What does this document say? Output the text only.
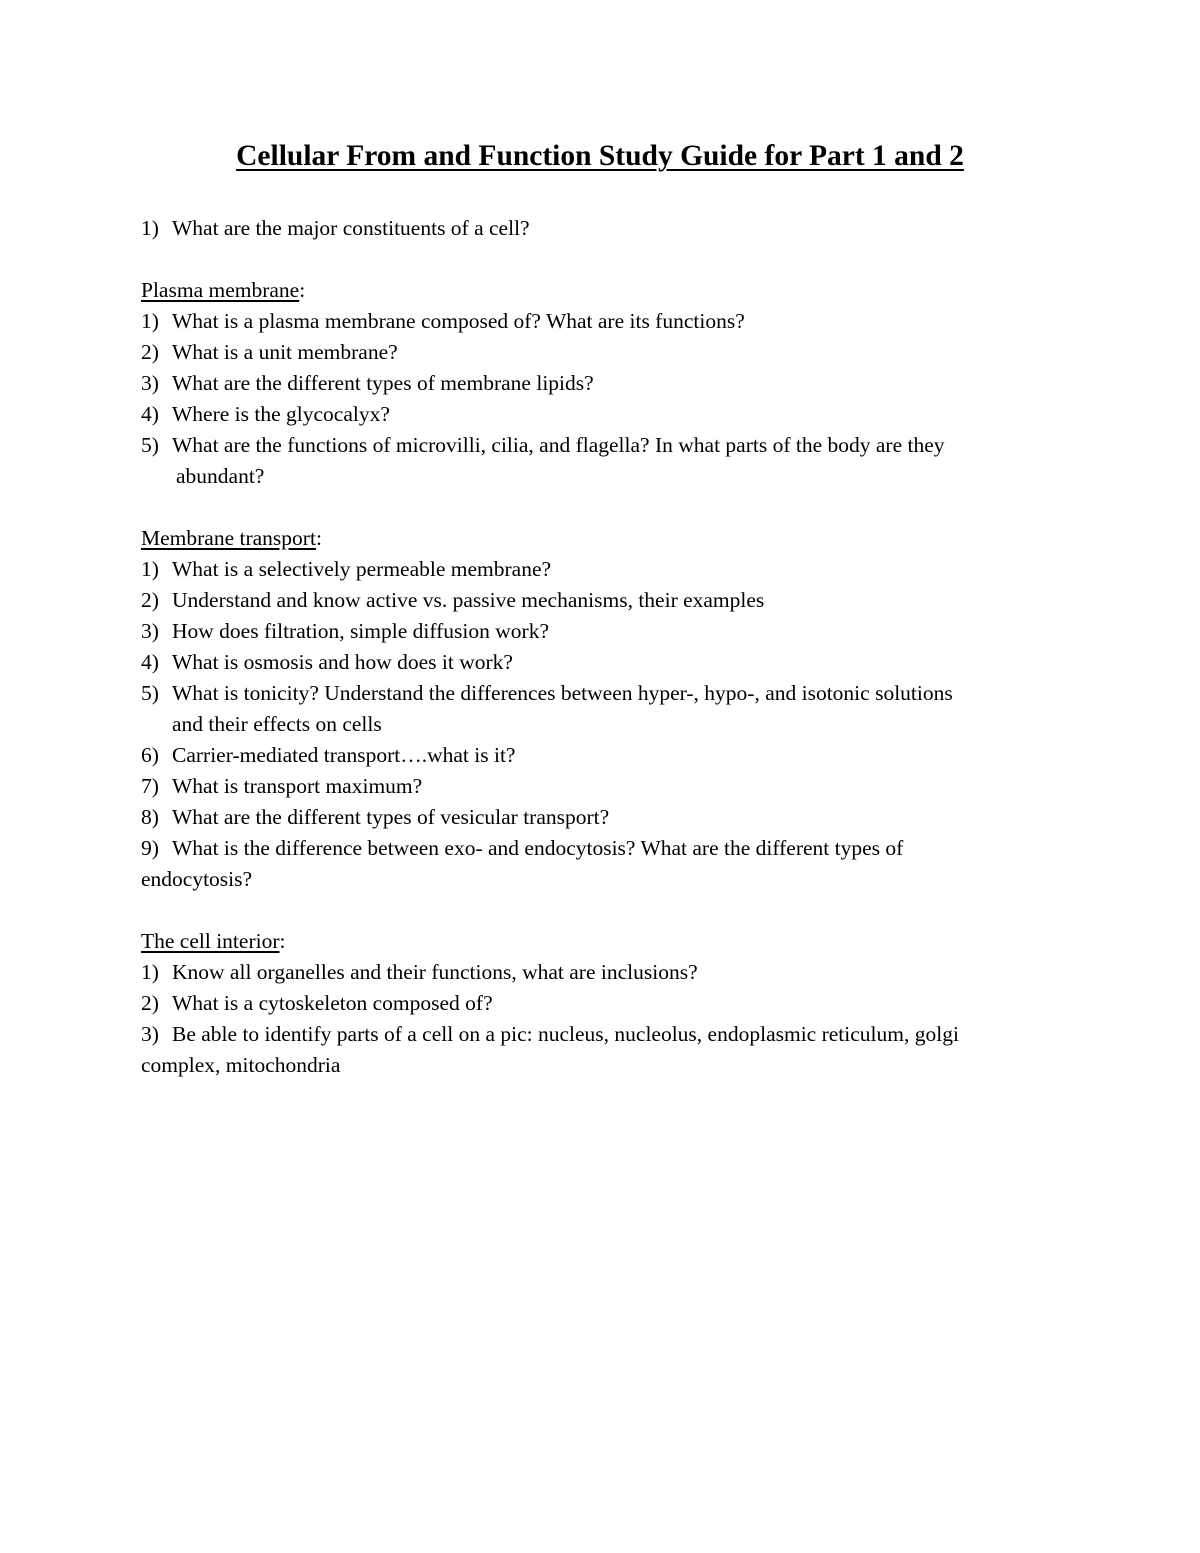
Cellular From and Function Study Guide for Part 1 and 2
1) What are the major constituents of a cell?
Plasma membrane:
1) What is a plasma membrane composed of? What are its functions?
2) What is a unit membrane?
3) What are the different types of membrane lipids?
4) Where is the glycocalyx?
5) What are the functions of microvilli, cilia, and flagella? In what parts of the body are they
abundant?
Membrane transport:
1) What is a selectively permeable membrane?
2) Understand and know active vs. passive mechanisms, their examples
3) How does filtration, simple diffusion work?
4) What is osmosis and how does it work?
5) What is tonicity? Understand the differences between hyper-, hypo-, and isotonic solutions
and their effects on cells
6) Carrier-mediated transport….what is it?
7) What is transport maximum?
8) What are the different types of vesicular transport?
9) What is the difference between exo- and endocytosis? What are the different types of
endocytosis?
The cell interior:
1) Know all organelles and their functions, what are inclusions?
2) What is a cytoskeleton composed of?
3) Be able to identify parts of a cell on a pic: nucleus, nucleolus, endoplasmic reticulum, golgi
complex, mitochondria
